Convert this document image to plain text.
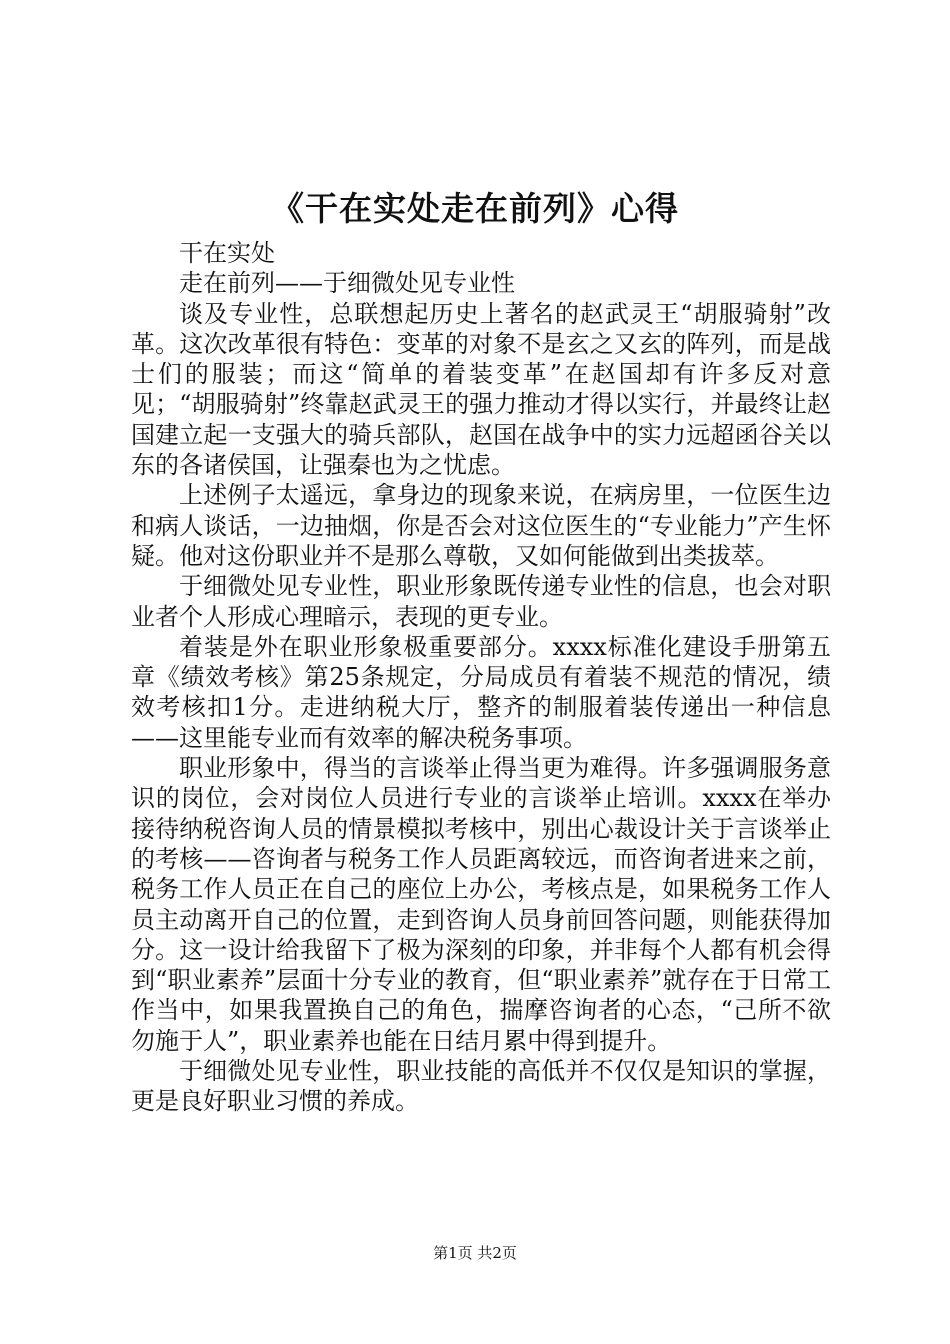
《干在实处走在前列》心得

干在实处

走在前列——于细微处见专业性

谈及专业性，总联想起历史上著名的赵武灵王“胡服骑射”改革。这次改革很有特色：变革的对象不是玄之又玄的阵列，而是战士们的服装；而这“简单的着装变革”在赵国却有许多反对意见；“胡服骑射”终靠赵武灵王的强力推动才得以实行，并最终让赵国建立起一支强大的骑兵部队，赵国在战争中的实力远超函谷关以东的各诸侯国，让强秦也为之忧虑。

上述例子太遥远，拿身边的现象来说，在病房里，一位医生边和病人谈话，一边抽烟，你是否会对这位医生的“专业能力”产生怀疑。他对这份职业并不是那么尊敬，又如何能做到出类拔萃。

于细微处见专业性，职业形象既传递专业性的信息，也会对职业者个人形成心理暗示，表现的更专业。

着装是外在职业形象极重要部分。xxxx标准化建设手册第五章《绩效考核》第25条规定，分局成员有着装不规范的情况，绩效考核扣1分。走进纳税大厅，整齐的制服着装传递出一种信息——这里能专业而有效率的解决税务事项。

职业形象中，得当的言谈举止得当更为难得。许多强调服务意识的岗位，会对岗位人员进行专业的言谈举止培训。xxxx在举办接待纳税咨询人员的情景模拟考核中，别出心裁设计关于言谈举止的考核——咨询者与税务工作人员距离较远，而咨询者进来之前，税务工作人员正在自己的座位上办公，考核点是，如果税务工作人员主动离开自己的位置，走到咨询人员身前回答问题，则能获得加分。这一设计给我留下了极为深刻的印象，并非每个人都有机会得到“职业素养”层面十分专业的教育，但“职业素养”就存在于日常工作当中，如果我置换自己的角色，揣摩咨询者的心态，“己所不欲勿施于人”，职业素养也能在日结月累中得到提升。

于细微处见专业性，职业技能的高低并不仅仅是知识的掌握，更是良好职业习惯的养成。

第1页 共2页
